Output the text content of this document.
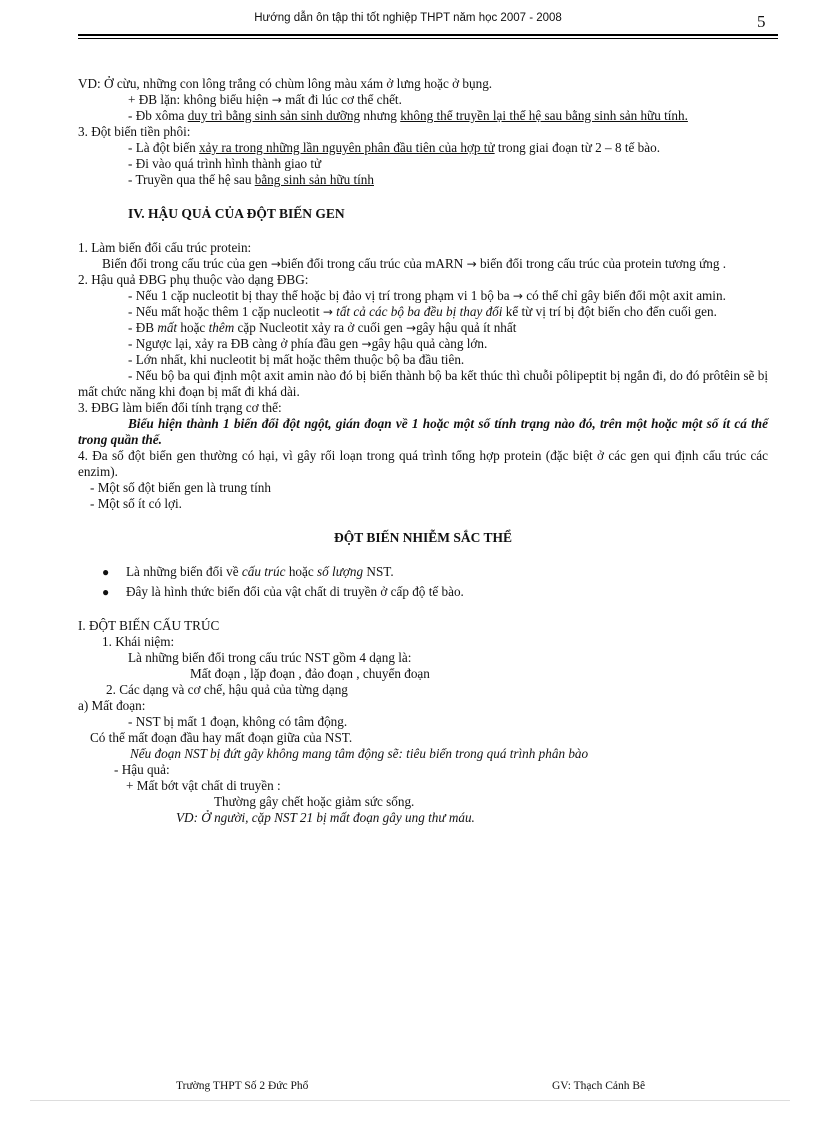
Hướng dẫn ôn tập thi tốt nghiệp THPT năm học 2007 - 2008	5

VD: Ở cừu, những con lông trắng có chùm lông màu xám ở lưng hoặc ở bụng.

+ ĐB lặn: không biểu hiện → mất đi lúc cơ thể chết.

- Đb xôma duy trì bằng sinh sản sinh dưỡng nhưng không thể truyền lại thế hệ sau bằng sinh sản hữu tính.

3. Đột biến tiền phôi:

- Là đột biến xảy ra trong những lần nguyên phân đầu tiên của hợp tử trong giai đoạn từ 2 – 8 tế bào.

- Đi vào quá trình hình thành giao tử

- Truyền qua thế hệ sau bằng sinh sản hữu tính

IV. HẬU QUẢ CỦA ĐỘT BIẾN GEN

1. Làm biến đổi cấu trúc protein:

Biến đổi trong cấu trúc của gen →biến đổi trong cấu trúc của mARN → biến đổi trong cấu trúc của protein tương ứng .

2. Hậu quả ĐBG phụ thuộc vào dạng ĐBG:

- Nếu 1 cặp nucleotit bị thay thế hoặc bị đảo vị trí trong phạm vi 1 bộ ba → có thể chỉ gây biến đổi một axit amin.

- Nếu mất hoặc thêm 1 cặp nucleotit → tất cả các bộ ba đều bị thay đổi kể từ vị trí bị đột biến cho đến cuối gen.

- ĐB mất hoặc thêm cặp Nucleotit xảy ra ở cuối gen →gây hậu quả ít nhất

- Ngược lại, xảy ra ĐB càng ở phía đầu gen →gây hậu quả càng lớn.

- Lớn nhất, khi nucleotit bị mất hoặc thêm thuộc bộ ba đầu tiên.

- Nếu bộ ba qui định một axit amin nào đó bị biến thành bộ ba kết thúc thì chuỗi pôlipeptit bị ngắn đi, do đó prôtêin sẽ bị mất chức năng khi đoạn bị mất đi khá dài.

3. ĐBG làm biến đổi tính trạng cơ thể:

Biểu hiện thành 1 biến đổi đột ngột, gián đoạn về 1 hoặc một số tính trạng nào đó, trên một hoặc một số ít cá thể trong quần thể.

4. Đa số đột biến gen thường có hại, vì gây rối loạn trong quá trình tổng hợp protein (đặc biệt ở các gen qui định cấu trúc các enzim).

- Một số đột biến gen là trung tính

- Một số ít có lợi.

ĐỘT BIẾN NHIỄM SẮC THỂ

● Là những biến đổi về cấu trúc hoặc số lượng NST.

● Đây là hình thức biến đổi của vật chất di truyền ở cấp độ tế bào.

I. ĐỘT BIẾN CẤU TRÚC

1. Khái niệm:

Là những biến đổi trong cấu trúc NST gồm 4 dạng là:

Mất đoạn , lặp đoạn , đảo đoạn , chuyển đoạn

2. Các dạng và cơ chế, hậu quả của từng dạng

a) Mất đoạn:

- NST bị mất 1 đoạn, không có tâm động.

Có thể mất đoạn đầu hay mất đoạn giữa của NST.

Nếu đoạn NST bị đứt gãy không mang tâm động sẽ: tiêu biến trong quá trình phân bào

- Hậu quả:

+ Mất bớt vật chất di truyền :

Thường gây chết hoặc giảm sức sống.

VD: Ở người, cặp NST 21 bị mất đoạn gây ung thư máu.

Trường THPT Số 2 Đức Phổ	GV: Thạch Cảnh Bê
